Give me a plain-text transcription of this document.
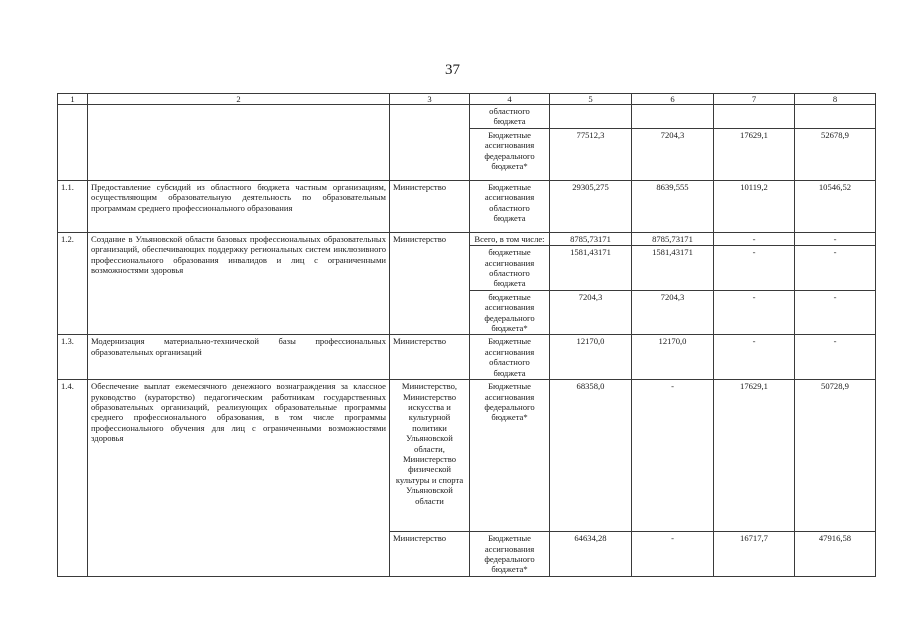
37
1	2	3	4	5	6	7	8
			областного бюджета				
			Бюджетные ассигнования федерального бюджета*	77512,3	7204,3	17629,1	52678,9
1.1.	Предоставление субсидий из областного бюджета частным организациям, осуществляющим образовательную деятельность по образовательным программам среднего профессионального образования	Министерство	Бюджетные ассигнования областного бюджета	29305,275	8639,555	10119,2	10546,52
1.2.	Создание в Ульяновской области базовых профессиональных образовательных организаций, обеспечивающих поддержку региональных систем инклюзивного профессионального образования инвалидов и лиц с ограниченными возможностями здоровья	Министерство	Всего, в том числе:	8785,73171	8785,73171	-	-
			бюджетные ассигнования областного бюджета	1581,43171	1581,43171	-	-
			бюджетные ассигнования федерального бюджета*	7204,3	7204,3	-	-
1.3.	Модернизация материально-технической базы профессиональных образовательных организаций	Министерство	Бюджетные ассигнования областного бюджета	12170,0	12170,0	-	-
1.4.	Обеспечение выплат ежемесячного денежного вознаграждения за классное руководство (кураторство) педагогическим работникам государственных образовательных организаций, реализующих образовательные программы среднего профессионального образования, в том числе программы профессионального обучения для лиц с ограниченными возможностями здоровья	Министерство, Министерство искусства и культурной политики Ульяновской области, Министерство физической культуры и спорта Ульяновской области	Бюджетные ассигнования федерального бюджета*	68358,0	-	17629,1	50728,9
		Министерство	Бюджетные ассигнования федерального бюджета*	64634,28	-	16717,7	47916,58
